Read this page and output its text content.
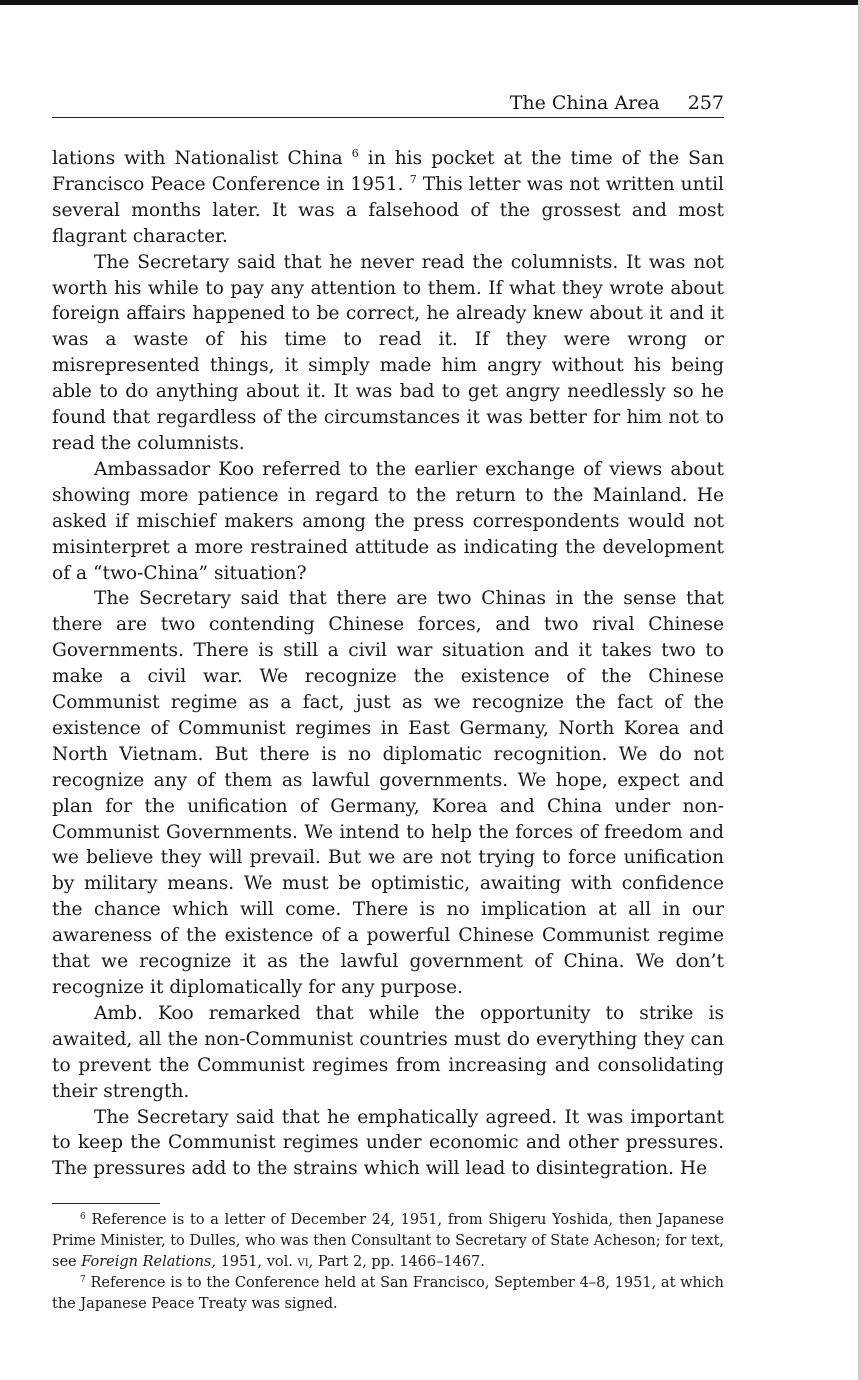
The China Area 257

lations with Nationalist China $^6$ in his pocket at the time of the San Francisco Peace Conference in 1951. $^7$ This letter was not written until several months later. It was a falsehood of the grossest and most flagrant character.

The Secretary said that he never read the columnists. It was not worth his while to pay any attention to them. If what they wrote about foreign affairs happened to be correct, he already knew about it and it was a waste of his time to read it. If they were wrong or misrepresented things, it simply made him angry without his being able to do anything about it. It was bad to get angry needlessly so he found that regardless of the circumstances it was better for him not to read the columnists.

Ambassador Koo referred to the earlier exchange of views about showing more patience in regard to the return to the Mainland. He asked if mischief makers among the press correspondents would not misinterpret a more restrained attitude as indicating the development of a “two-China” situation?

The Secretary said that there are two Chinas in the sense that there are two contending Chinese forces, and two rival Chinese Governments. There is still a civil war situation and it takes two to make a civil war. We recognize the existence of the Chinese Communist regime as a fact, just as we recognize the fact of the existence of Communist regimes in East Germany, North Korea and North Vietnam. But there is no diplomatic recognition. We do not recognize any of them as lawful governments. We hope, expect and plan for the unification of Germany, Korea and China under non-Communist Governments. We intend to help the forces of freedom and we believe they will prevail. But we are not trying to force unification by military means. We must be optimistic, awaiting with confidence the chance which will come. There is no implication at all in our awareness of the existence of a powerful Chinese Communist regime that we recognize it as the lawful government of China. We don’t recognize it diplomatically for any purpose.

Amb. Koo remarked that while the opportunity to strike is awaited, all the non-Communist countries must do everything they can to prevent the Communist regimes from increasing and consolidating their strength.

The Secretary said that he emphatically agreed. It was important to keep the Communist regimes under economic and other pressures. The pressures add to the strains which will lead to disintegration. He

$^6$ Reference is to a letter of December 24, 1951, from Shigeru Yoshida, then Japanese Prime Minister, to Dulles, who was then Consultant to Secretary of State Acheson; for text, see Foreign Relations, 1951, vol. vi, Part 2, pp. 1466–1467.

$^7$ Reference is to the Conference held at San Francisco, September 4–8, 1951, at which the Japanese Peace Treaty was signed.
